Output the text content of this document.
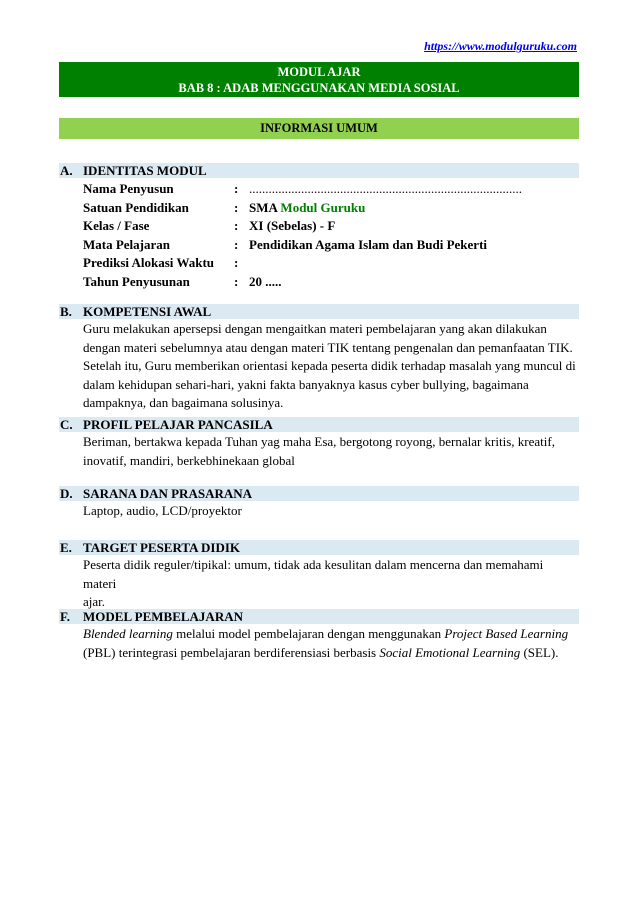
https://www.modulguruku.com
MODUL AJAR
BAB 8 : ADAB MENGGUNAKAN MEDIA SOSIAL
INFORMASI UMUM
A. IDENTITAS MODUL
Nama Penyusun	: ....................................................................................
Satuan Pendidikan	: SMA Modul Guruku
Kelas / Fase	: XI (Sebelas) - F
Mata Pelajaran	: Pendidikan Agama Islam dan Budi Pekerti
Prediksi Alokasi Waktu :
Tahun Penyusunan	: 20 .....
B. KOMPETENSI AWAL

Guru melakukan apersepsi dengan mengaitkan materi pembelajaran yang akan dilakukan

dengan materi sebelumnya atau dengan materi TIK tentang pengenalan dan pemanfaatan TIK.

Setelah itu, Guru memberikan orientasi kepada peserta didik terhadap masalah yang muncul di

dalam kehidupan sehari-hari, yakni fakta banyaknya kasus cyber bullying, bagaimana

dampaknya, dan bagaimana solusinya.

C. PROFIL PELAJAR PANCASILA

Beriman, bertakwa kepada Tuhan yag maha Esa, bergotong royong, bernalar kritis, kreatif,

inovatif, mandiri, berkebhinekaan global

D. SARANA DAN PRASARANA

Laptop, audio, LCD/proyektor

E. TARGET PESERTA DIDIK

Peserta didik reguler/tipikal: umum, tidak ada kesulitan dalam mencerna dan memahami materi

ajar.

F. MODEL PEMBELAJARAN

Blended learning melalui model pembelajaran dengan menggunakan Project Based Learning

(PBL) terintegrasi pembelajaran berdiferensiasi berbasis Social Emotional Learning (SEL).
